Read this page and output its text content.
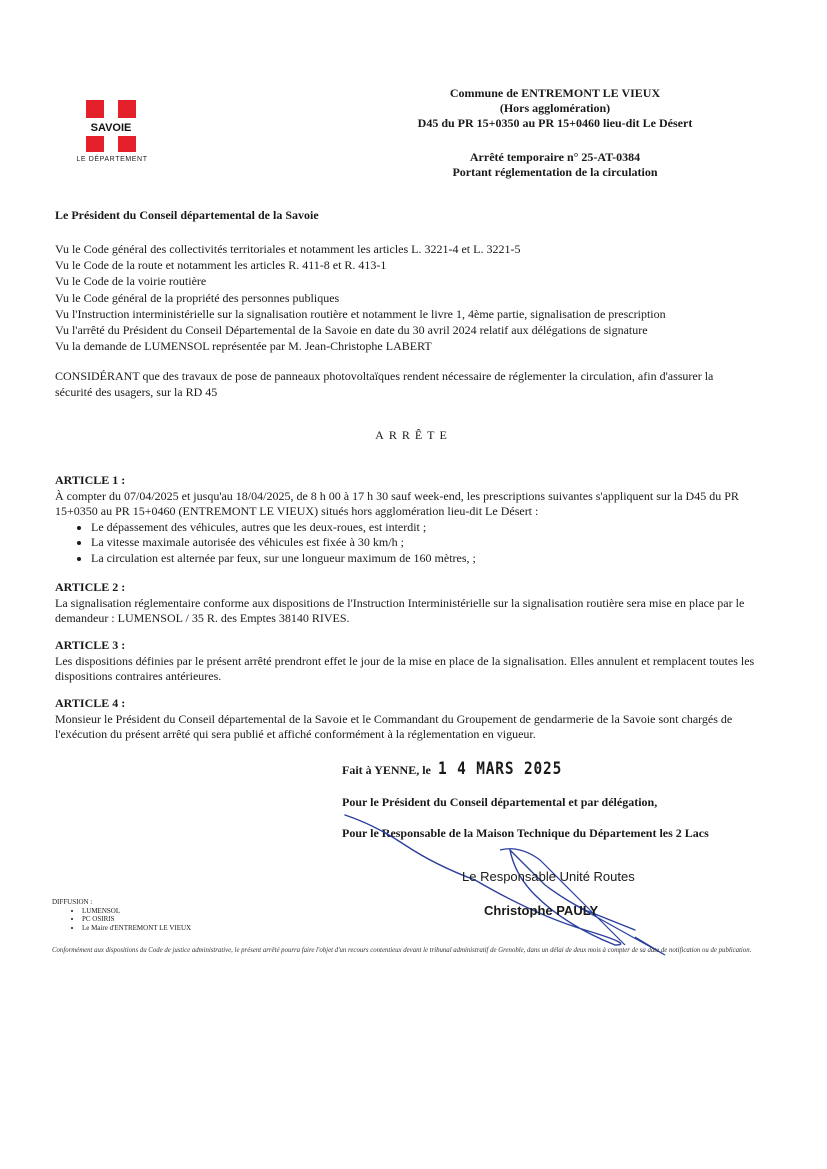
SAVOIE
LE DÉPARTEMENT
Commune de ENTREMONT LE VIEUX
(Hors agglomération)
D45 du PR 15+0350 au PR 15+0460 lieu-dit Le Désert
Arrêté temporaire n° 25-AT-0384
Portant réglementation de la circulation
Le Président du Conseil départemental de la Savoie
Vu le Code général des collectivités territoriales et notamment les articles L. 3221-4 et L. 3221-5
Vu le Code de la route et notamment les articles R. 411-8 et R. 413-1
Vu le Code de la voirie routière
Vu le Code général de la propriété des personnes publiques
Vu l'Instruction interministérielle sur la signalisation routière et notamment le livre 1, 4ème partie, signalisation de prescription
Vu l'arrêté du Président du Conseil Départemental de la Savoie en date du 30 avril 2024 relatif aux délégations de signature
Vu la demande de LUMENSOL représentée par M. Jean-Christophe LABERT
CONSIDÉRANT que des travaux de pose de panneaux photovoltaïques rendent nécessaire de réglementer la circulation, afin d'assurer la sécurité des usagers, sur la RD 45
ARRÊTE
ARTICLE 1 :
À compter du 07/04/2025 et jusqu'au 18/04/2025, de 8 h 00 à 17 h 30 sauf week-end, les prescriptions suivantes s'appliquent sur la D45 du PR 15+0350 au PR 15+0460 (ENTREMONT LE VIEUX) situés hors agglomération lieu-dit Le Désert :
• Le dépassement des véhicules, autres que les deux-roues, est interdit ;
• La vitesse maximale autorisée des véhicules est fixée à 30 km/h ;
• La circulation est alternée par feux, sur une longueur maximum de 160 mètres, ;
ARTICLE 2 :
La signalisation réglementaire conforme aux dispositions de l'Instruction Interministérielle sur la signalisation routière sera mise en place par le demandeur : LUMENSOL / 35 R. des Emptes 38140 RIVES.
ARTICLE 3 :
Les dispositions définies par le présent arrêté prendront effet le jour de la mise en place de la signalisation. Elles annulent et remplacent toutes les dispositions contraires antérieures.
ARTICLE 4 :
Monsieur le Président du Conseil départemental de la Savoie et le Commandant du Groupement de gendarmerie de la Savoie sont chargés de l'exécution du présent arrêté qui sera publié et affiché conformément à la réglementation en vigueur.
Fait à YENNE, le 1 4 MARS 2025
Pour le Président du Conseil départemental et par délégation,
Pour le Responsable de la Maison Technique du Département les 2 Lacs
Le Responsable Unité Routes
Christophe PAULY
DIFFUSION :
• LUMENSOL
• PC OSIRIS
• Le Maire d'ENTREMONT LE VIEUX
Conformément aux dispositions du Code de justice administrative, le présent arrêté pourra faire l'objet d'un recours contentieux devant le tribunal administratif de Grenoble, dans un délai de deux mois à compter de sa date de notification ou de publication.
